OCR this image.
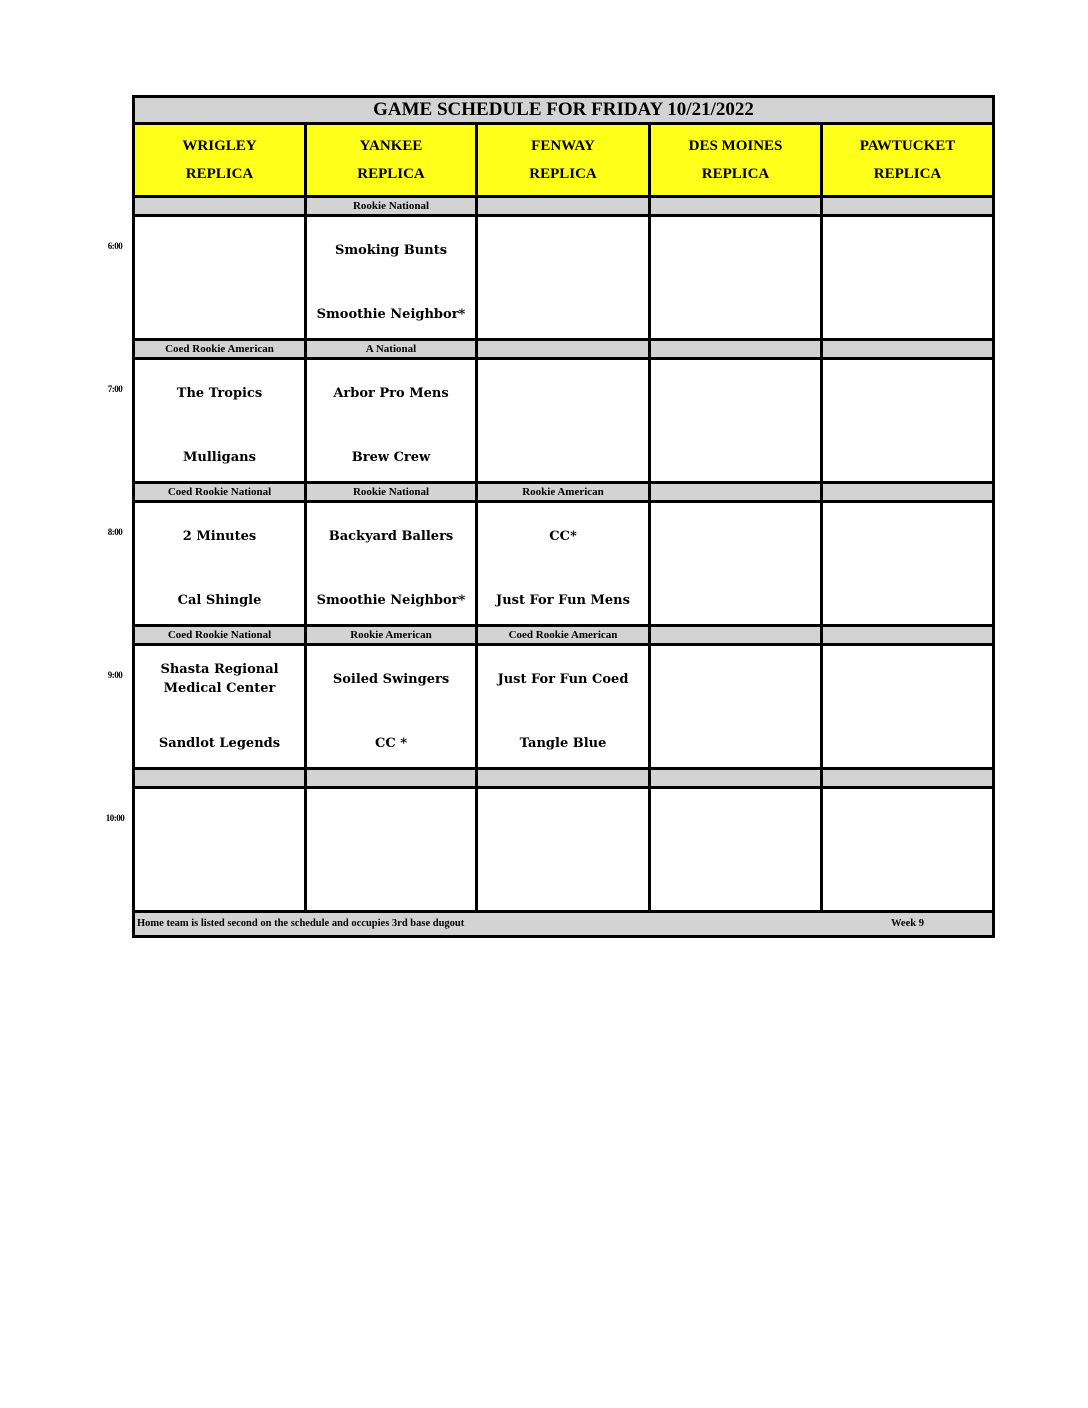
GAME SCHEDULE FOR FRIDAY 10/21/2022
Home team is listed second on the schedule and occupies 3rd base dugout	Week 9
WRIGLEY
REPLICA
YANKEE
REPLICA
FENWAY
REPLICA
DES MOINES
REPLICA
PAWTUCKET
REPLICA
Rookie National
Smoking Bunts
Smoothie Neighbor*
Coed Rookie American
The Tropics
Mulligans
A National
Arbor Pro Mens
Brew Crew
Coed Rookie National
2 Minutes
Cal Shingle
Rookie National
Backyard Ballers
Smoothie Neighbor*
Rookie American
CC*
Just For Fun Mens
Coed Rookie National
Shasta Regional Medical Center
Sandlot Legends
Rookie American
Soiled Swingers
CC *
Coed Rookie American
Just For Fun Coed
Tangle Blue
6:00
7:00
8:00
9:00
10:00
